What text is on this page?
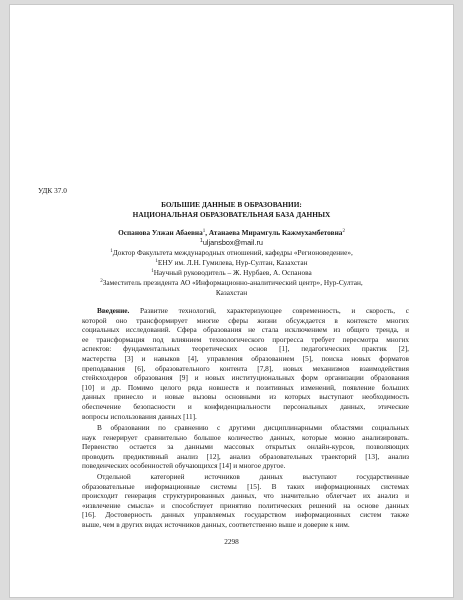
УДК 37.0
БОЛЬШИЕ ДАННЫЕ В ОБРАЗОВАНИИ:
НАЦИОНАЛЬНАЯ ОБРАЗОВАТЕЛЬНАЯ БАЗА ДАННЫХ
Оспанова Улжан Абаевна$^1$, Атанаева Мирамгуль Кажмухамбетовна$^2$
$^1$uljansbox@mail.ru
$^1$Доктор Факультета международных отношений, кафедры «Регионоведение»,
$^1$ЕНУ им. Л.Н. Гумилева, Нур-Султан, Казахстан
$^1$Научный руководитель – Ж. Нурбаев, А. Оспанова
$^2$Заместитель президента АО «Информационно-аналитический центр», Нур-Султан,
Казахстан
Введение. Развитие технологий, характеризующее современность, и скорость, с
которой оно трансформирует многие сферы жизни обсуждается в контексте многих
социальных исследований. Сфера образования не стала исключением из общего тренда, и
ее трансформация под влиянием технологического прогресса требует пересмотра многих
аспектов: фундаментальных теоретических основ [1], педагогических практик [2],
мастерства [3] и навыков [4], управления образованием [5], поиска новых форматов
преподавания [6], образовательного контента [7,8], новых механизмов взаимодействия
стейкхолдеров образования [9] и новых институциональных форм организации образования
[10] и др. Помимо целого ряда новшеств и позитивных изменений, появление больших
данных принесло и новые вызовы основными из которых выступают необходимость
обеспечение безопасности и конфиденциальности персональных данных, этические
вопросы использования данных [11].
В образовании по сравнению с другими дисциплинарными областями социальных
наук генерирует сравнительно большое количество данных, которые можно анализировать.
Первенство остается за данными массовых открытых онлайн-курсов, позволяющих
проводить предиктивный анализ [12], анализ образовательных траекторий [13], анализ
поведенческих особенностей обучающихся [14] и многое другое.
Отдельной категорией источников данных выступают государственные
образовательные информационные системы [15]. В таких информационных системах
происходит генерация структурированных данных, что значительно облегчает их анализ и
«извлечение смысла» и способствует принятию политических решений на основе данных
[16]. Достоверность данных управляемых государством информационных систем также
выше, чем в других видах источников данных, соответственно выше и доверие к ним.
2298
